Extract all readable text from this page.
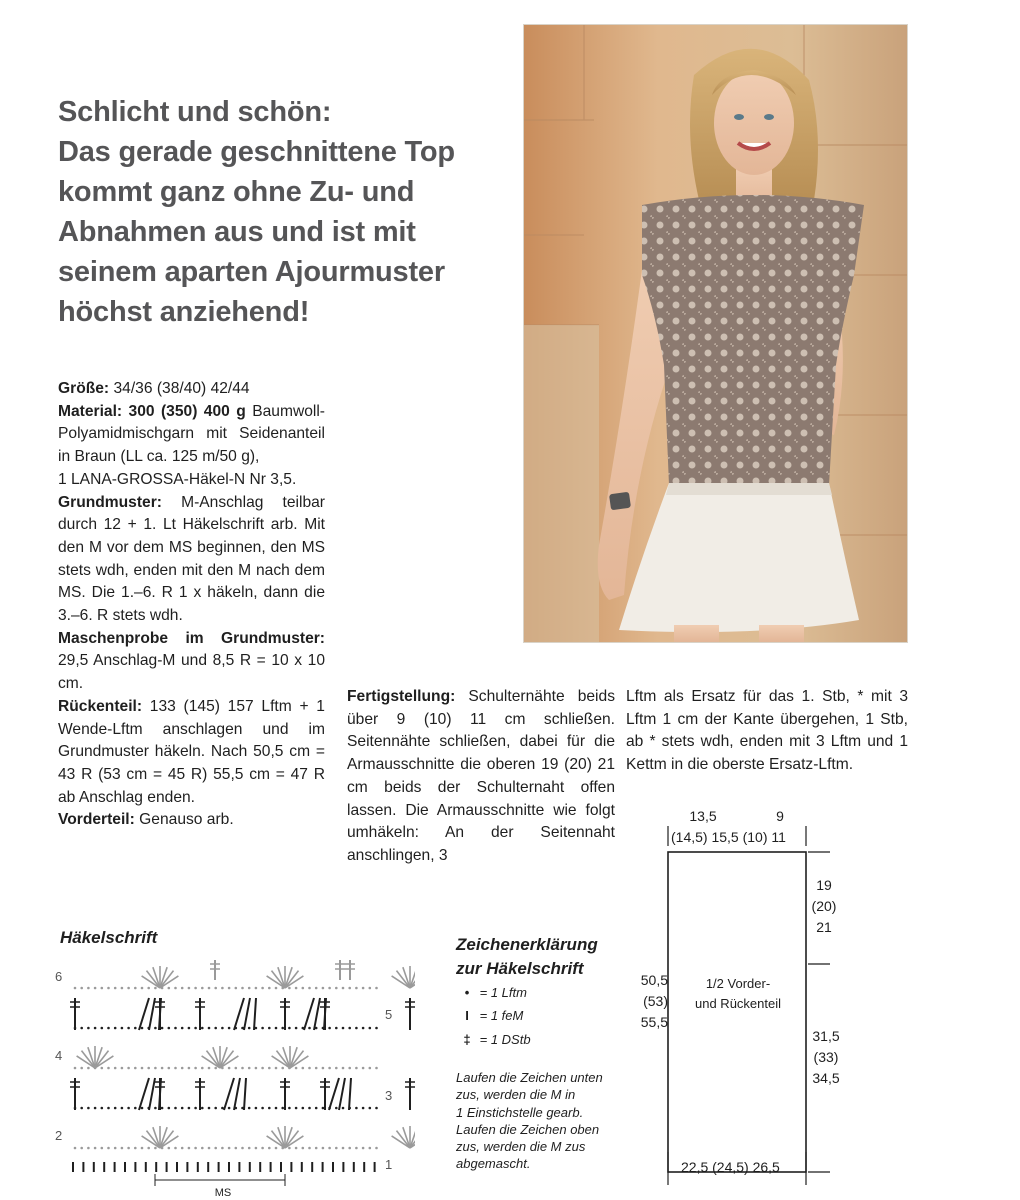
Schlicht und schön:
Das gerade geschnittene Top
kommt ganz ohne Zu- und
Abnahmen aus und ist mit
seinem aparten Ajourmuster
höchst anziehend!

Größe: 34/36 (38/40) 42/44

Material: 300 (350) 400 g Baumwoll-Polyamidmischgarn mit Seidenanteil in Braun (LL ca. 125 m/50 g),

1 LANA-GROSSA-Häkel-N Nr 3,5.

Grundmuster: M-Anschlag teilbar durch 12 + 1. Lt Häkelschrift arb. Mit den M vor dem MS beginnen, den MS stets wdh, enden mit den M nach dem MS. Die 1.–6. R 1 x häkeln, dann die 3.–6. R stets wdh.

Maschenprobe im Grundmuster: 29,5 Anschlag-M und 8,5 R = 10 x 10 cm.

Rückenteil: 133 (145) 157 Lftm + 1 Wende-Lftm anschlagen und im Grundmuster häkeln. Nach 50,5 cm = 43 R (53 cm = 45 R) 55,5 cm = 47 R ab Anschlag enden.

Vorderteil: Genauso arb.

Fertigstellung: Schulternähte beids über 9 (10) 11 cm schließen. Seitennähte schließen, dabei für die Armausschnitte die oberen 19 (20) 21 cm beids der Schulternaht offen lassen. Die Armausschnitte wie folgt umhäkeln: An der Seitennaht anschlingen, 3

Lftm als Ersatz für das 1. Stb, * mit 3 Lftm 1 cm der Kante übergehen, 1 Stb, ab * stets wdh, enden mit 3 Lftm und 1 Kettm in die oberste Ersatz-Lftm.

13,5	9
(14,5) 15,5 (10) 11
19
(20)
21
50,5
(53)
55,5
1/2 Vorder-
und Rückenteil
31,5
(33)
34,5
22,5 (24,5) 26,5
Häkelschrift
6
4
2
5
3
1
MS
Zeichenerklärung
zur Häkelschrift
• = 1 Lftm
I = 1 feM
‡ = 1 DStb
Laufen die Zeichen unten
zus, werden die M in
1 Einstichstelle gearb.
Laufen die Zeichen oben
zus, werden die M zus
abgemascht.
